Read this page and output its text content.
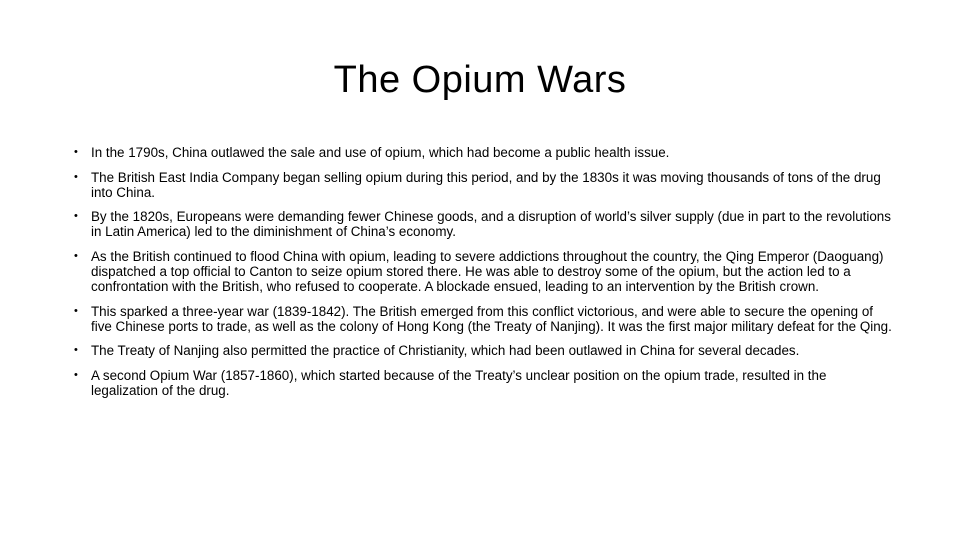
The Opium Wars
• In the 1790s, China outlawed the sale and use of opium, which had become a public health issue.
• The British East India Company began selling opium during this period, and by the 1830s it was moving thousands of tons of the drug into China.
• By the 1820s, Europeans were demanding fewer Chinese goods, and a disruption of world’s silver supply (due in part to the revolutions in Latin America) led to the diminishment of China’s economy.
• As the British continued to flood China with opium, leading to severe addictions throughout the country, the Qing Emperor (Daoguang) dispatched a top official to Canton to seize opium stored there. He was able to destroy some of the opium, but the action led to a confrontation with the British, who refused to cooperate. A blockade ensued, leading to an intervention by the British crown.
• This sparked a three-year war (1839-1842). The British emerged from this conflict victorious, and were able to secure the opening of five Chinese ports to trade, as well as the colony of Hong Kong (the Treaty of Nanjing). It was the first major military defeat for the Qing.
• The Treaty of Nanjing also permitted the practice of Christianity, which had been outlawed in China for several decades.
• A second Opium War (1857-1860), which started because of the Treaty’s unclear position on the opium trade, resulted in the legalization of the drug.
